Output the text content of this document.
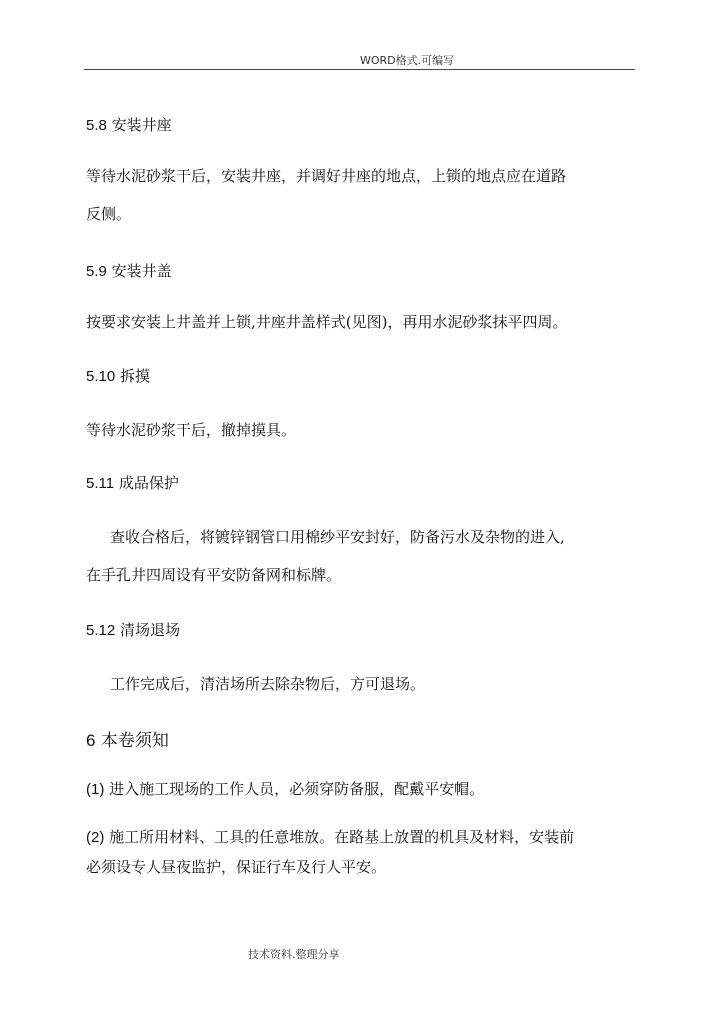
WORD格式.可编写
5.8 安装井座
等待水泥砂浆干后，安装井座，并调好井座的地点，上锁的地点应在道路
反侧。
5.9 安装井盖
按要求安装上井盖并上锁,井座井盖样式(见图)，再用水泥砂浆抹平四周。
5.10 拆摸
等待水泥砂浆干后，撤掉摸具。
5.11 成品保护
查收合格后，将镀锌钢管口用棉纱平安封好，防备污水及杂物的进入,
在手孔井四周设有平安防备网和标牌。
5.12 清场退场
工作完成后，清洁场所去除杂物后，方可退场。
6 本卷须知
(1) 进入施工现场的工作人员，必须穿防备服，配戴平安帽。
(2) 施工所用材料、工具的任意堆放。在路基上放置的机具及材料，安装前
必须设专人昼夜监护，保证行车及行人平安。
技术资料.整理分享
